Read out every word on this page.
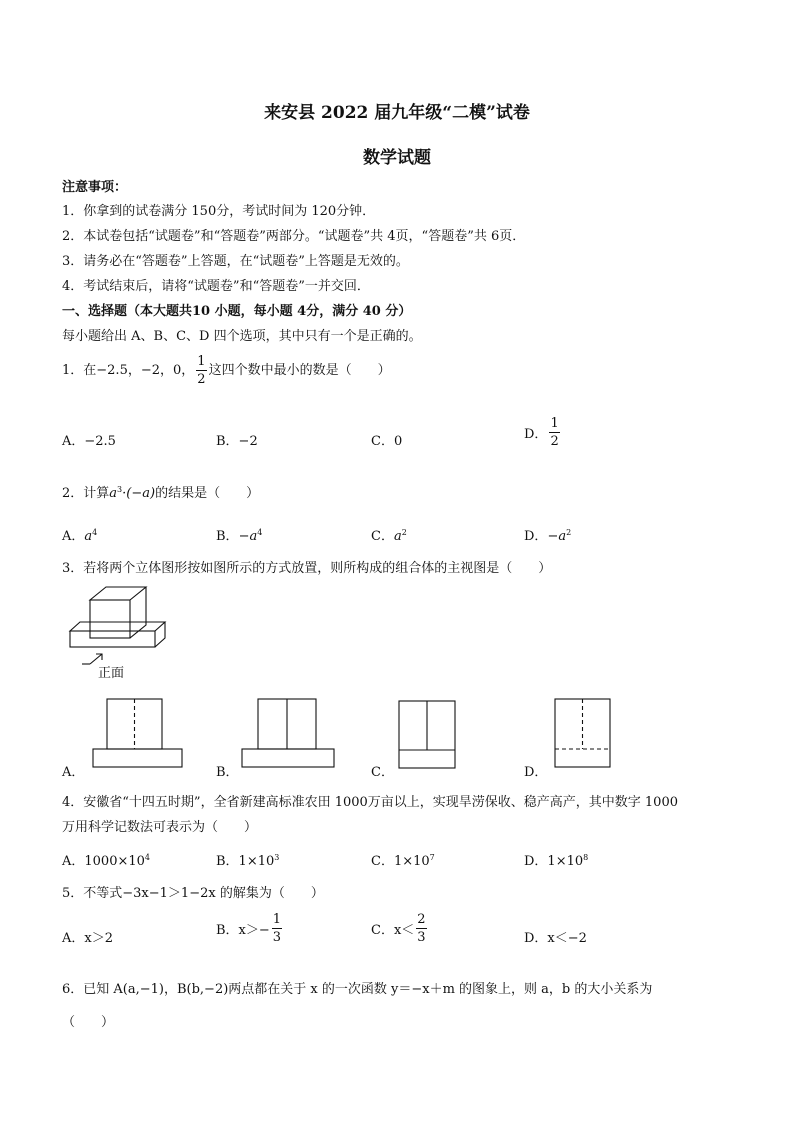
来安县 2022 届九年级“二模”试卷
数学试题
注意事项：
1．你拿到的试卷满分 150分，考试时间为 120分钟．
2．本试卷包括“试题卷”和“答题卷”两部分。“试题卷”共 4页，“答题卷”共 6页．
3．请务必在“答题卷”上答题，在“试题卷”上答题是无效的。
4．考试结束后，请将“试题卷”和“答题卷”一并交回．
一、选择题（本大题共10 小题，每小题 4分，满分 40 分）
每小题给出 A、B、C、D 四个选项，其中只有一个是正确的。
1．在−2.5，−2，0， $\frac{1}{2}$ 这四个数中最小的数是（　　）
A．−2.5	B．−2	C．0	D． $\frac{1}{2}$
2．计算$a^3\cdot(-a)$的结果是（　　）
A．$a^4$	B．$-a^4$	C．$a^2$	D．$-a^2$
3．若将两个立体图形按如图所示的方式放置，则所构成的组合体的主视图是（　　）
正面
A．	B．	C．	D．
4．安徽省“十四五时期”，全省新建高标准农田 1000万亩以上，实现旱涝保收、稳产高产，其中数字 1000
万用科学记数法可表示为（　　）
A．$1000\times 10^4$	B．$1\times 10^3$	C．$1\times 10^7$	D．$1\times 10^8$
5．不等式−3x−1＞1−2x 的解集为（　　）
A．x＞2
B．$x>- \frac{1}{3}$	C．$x< \frac{2}{3}$	D．x＜−2
6．已知 A(a,−1)，B(b,−2)两点都在关于 x 的一次函数 y＝−x＋m 的图象上，则 a，b 的大小关系为
（　　）
